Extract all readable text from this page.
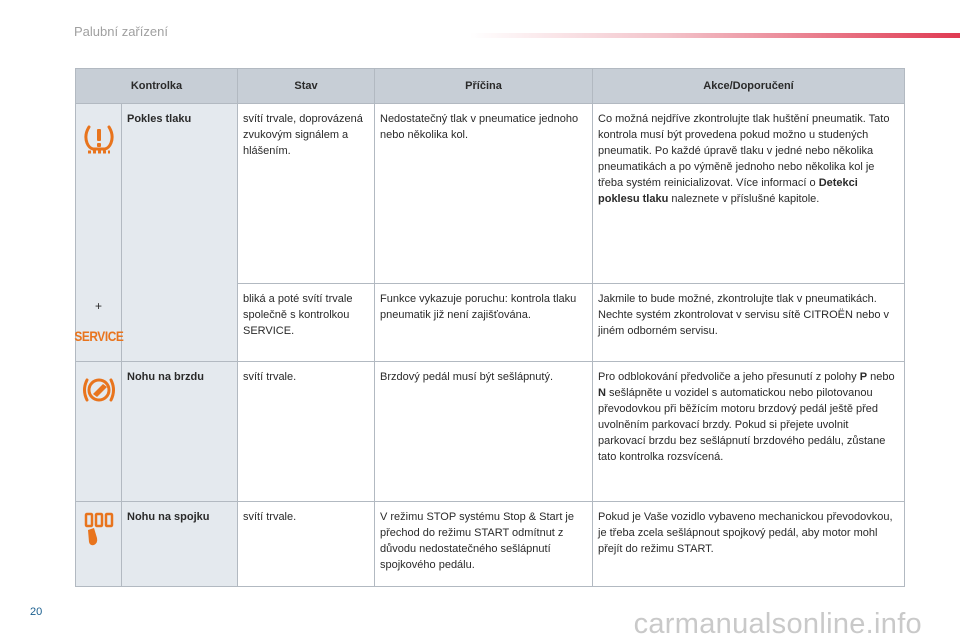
Palubní zařízení
Kontrolka		Stav	Příčina	Akce/Doporučení

+
SERVICE	Pokles tlaku	svítí trvale, doprovázená zvukovým signálem a hlášením.	Nedostatečný tlak v pneumatice jednoho nebo několika kol.	Co možná nejdříve zkontrolujte tlak huštění pneumatik. Tato kontrola musí být provedena pokud možno u studených pneumatik. Po každé úpravě tlaku v jedné nebo několika pneumatikách a po výměně jednoho nebo několika kol je třeba systém reinicializovat. Více informací o Detekci poklesu tlaku naleznete v příslušné kapitole.
		bliká a poté svítí trvale společně s kontrolkou SERVICE.	Funkce vykazuje poruchu: kontrola tlaku pneumatik již není zajišťována.	Jakmile to bude možné, zkontrolujte tlak v pneumatikách. Nechte systém zkontrolovat v servisu sítě CITROËN nebo v jiném odborném servisu.
	Nohu na brzdu	svítí trvale.	Brzdový pedál musí být sešlápnutý.	Pro odblokování předvoliče a jeho přesunutí z polohy P nebo N sešlápněte u vozidel s automatickou nebo pilotovanou převodovkou při běžícím motoru brzdový pedál ještě před uvolněním parkovací brzdy. Pokud si přejete uvolnit parkovací brzdu bez sešlápnutí brzdového pedálu, zůstane tato kontrolka rozsvícená.
	Nohu na spojku	svítí trvale.	V režimu STOP systému Stop & Start je přechod do režimu START odmítnut z důvodu nedostatečného sešlápnutí spojkového pedálu.	Pokud je Vaše vozidlo vybaveno mechanickou převodovkou, je třeba zcela sešlápnout spojkový pedál, aby motor mohl přejít do režimu START.
20	carmanualsonline.info
